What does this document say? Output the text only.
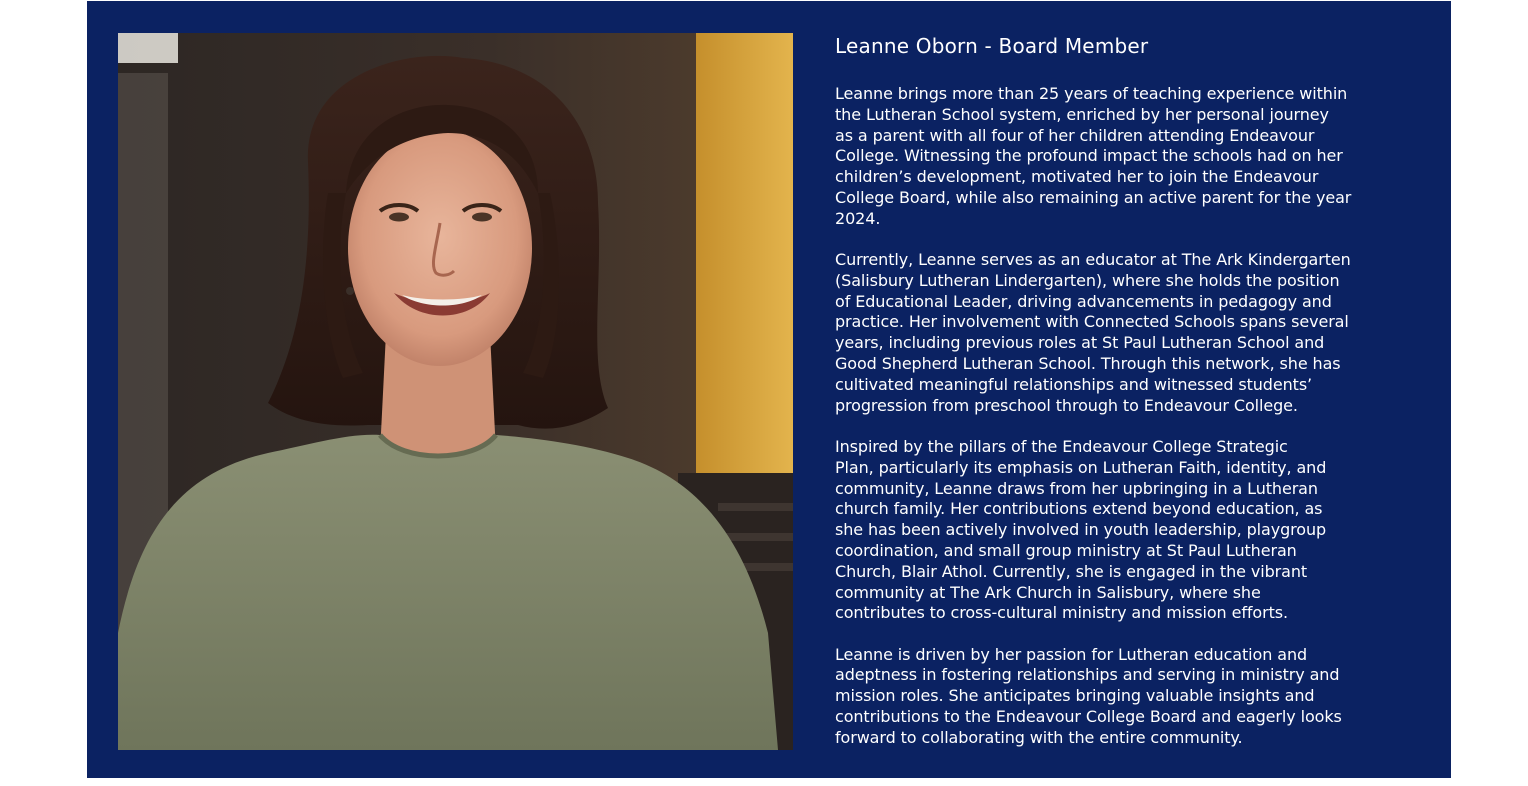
Leanne Oborn - Board Member

Leanne brings more than 25 years of teaching experience within
the Lutheran School system, enriched by her personal journey
as a parent with all four of her children attending Endeavour
College. Witnessing the profound impact the schools had on her
children’s development, motivated her to join the Endeavour
College Board, while also remaining an active parent for the year
2024.

Currently, Leanne serves as an educator at The Ark Kindergarten
(Salisbury Lutheran Lindergarten), where she holds the position
of Educational Leader, driving advancements in pedagogy and
practice. Her involvement with Connected Schools spans several
years, including previous roles at St Paul Lutheran School and
Good Shepherd Lutheran School. Through this network, she has
cultivated meaningful relationships and witnessed students’
progression from preschool through to Endeavour College.

Inspired by the pillars of the Endeavour College Strategic
Plan, particularly its emphasis on Lutheran Faith, identity, and
community, Leanne draws from her upbringing in a Lutheran
church family. Her contributions extend beyond education, as
she has been actively involved in youth leadership, playgroup
coordination, and small group ministry at St Paul Lutheran
Church, Blair Athol. Currently, she is engaged in the vibrant
community at The Ark Church in Salisbury, where she
contributes to cross-cultural ministry and mission efforts.

Leanne is driven by her passion for Lutheran education and
adeptness in fostering relationships and serving in ministry and
mission roles. She anticipates bringing valuable insights and
contributions to the Endeavour College Board and eagerly looks
forward to collaborating with the entire community.
